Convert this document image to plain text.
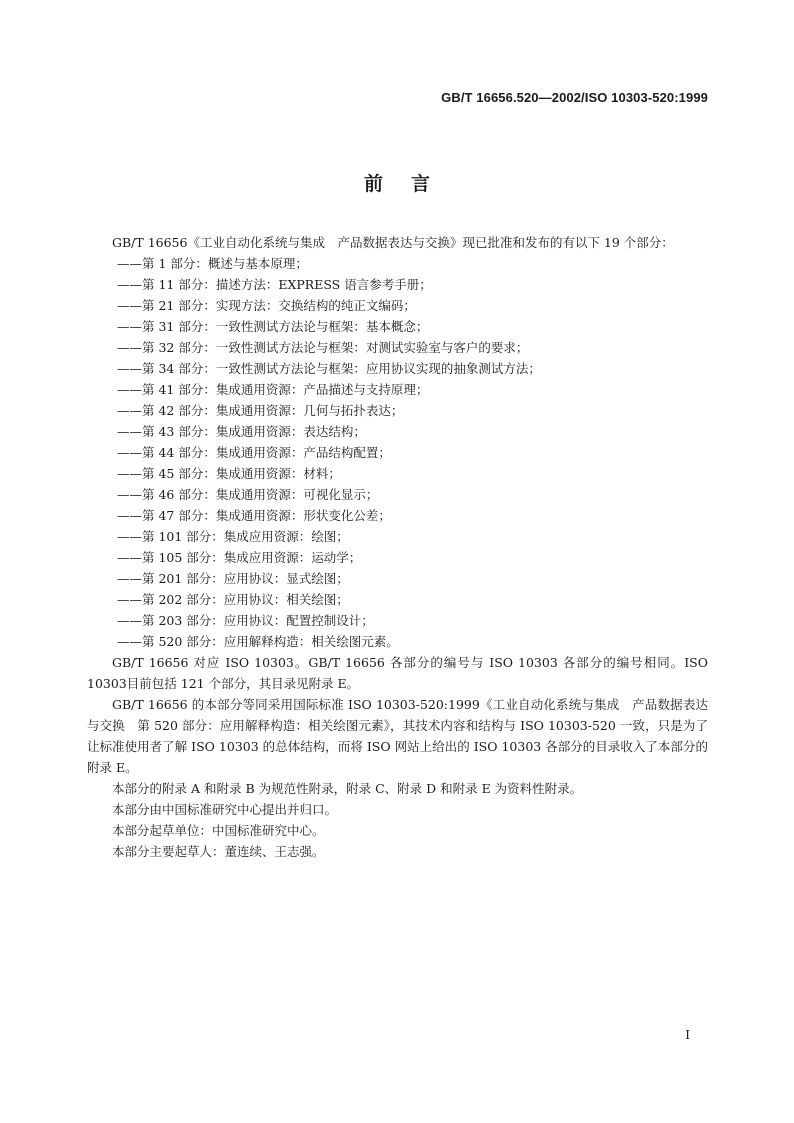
GB/T 16656.520—2002/ISO 10303-520:1999
前言

GB/T 16656《工业自动化系统与集成　产品数据表达与交换》现已批准和发布的有以下 19 个部分：

——第 1 部分：概述与基本原理；
——第 11 部分：描述方法：EXPRESS 语言参考手册；
——第 21 部分：实现方法：交换结构的纯正文编码；
——第 31 部分：一致性测试方法论与框架：基本概念；
——第 32 部分：一致性测试方法论与框架：对测试实验室与客户的要求；
——第 34 部分：一致性测试方法论与框架：应用协议实现的抽象测试方法；
——第 41 部分：集成通用资源：产品描述与支持原理；
——第 42 部分：集成通用资源：几何与拓扑表达；
——第 43 部分：集成通用资源：表达结构；
——第 44 部分：集成通用资源：产品结构配置；
——第 45 部分：集成通用资源：材料；
——第 46 部分：集成通用资源：可视化显示；
——第 47 部分：集成通用资源：形状变化公差；
——第 101 部分：集成应用资源：绘图；
——第 105 部分：集成应用资源：运动学；
——第 201 部分：应用协议：显式绘图；
——第 202 部分：应用协议：相关绘图；
——第 203 部分：应用协议：配置控制设计；
——第 520 部分：应用解释构造：相关绘图元素。

GB/T 16656 对应 ISO 10303。GB/T 16656 各部分的编号与 ISO 10303 各部分的编号相同。ISO 10303目前包括 121 个部分，其目录见附录 E。

GB/T 16656 的本部分等同采用国际标准 ISO 10303-520:1999《工业自动化系统与集成　产品数据表达与交换　第 520 部分：应用解释构造：相关绘图元素》，其技术内容和结构与 ISO 10303-520 一致，只是为了让标准使用者了解 ISO 10303 的总体结构，而将 ISO 网站上给出的 ISO 10303 各部分的目录收入了本部分的附录 E。

本部分的附录 A 和附录 B 为规范性附录，附录 C、附录 D 和附录 E 为资料性附录。

本部分由中国标准研究中心提出并归口。

本部分起草单位：中国标准研究中心。

本部分主要起草人：董连续、王志强。

I
